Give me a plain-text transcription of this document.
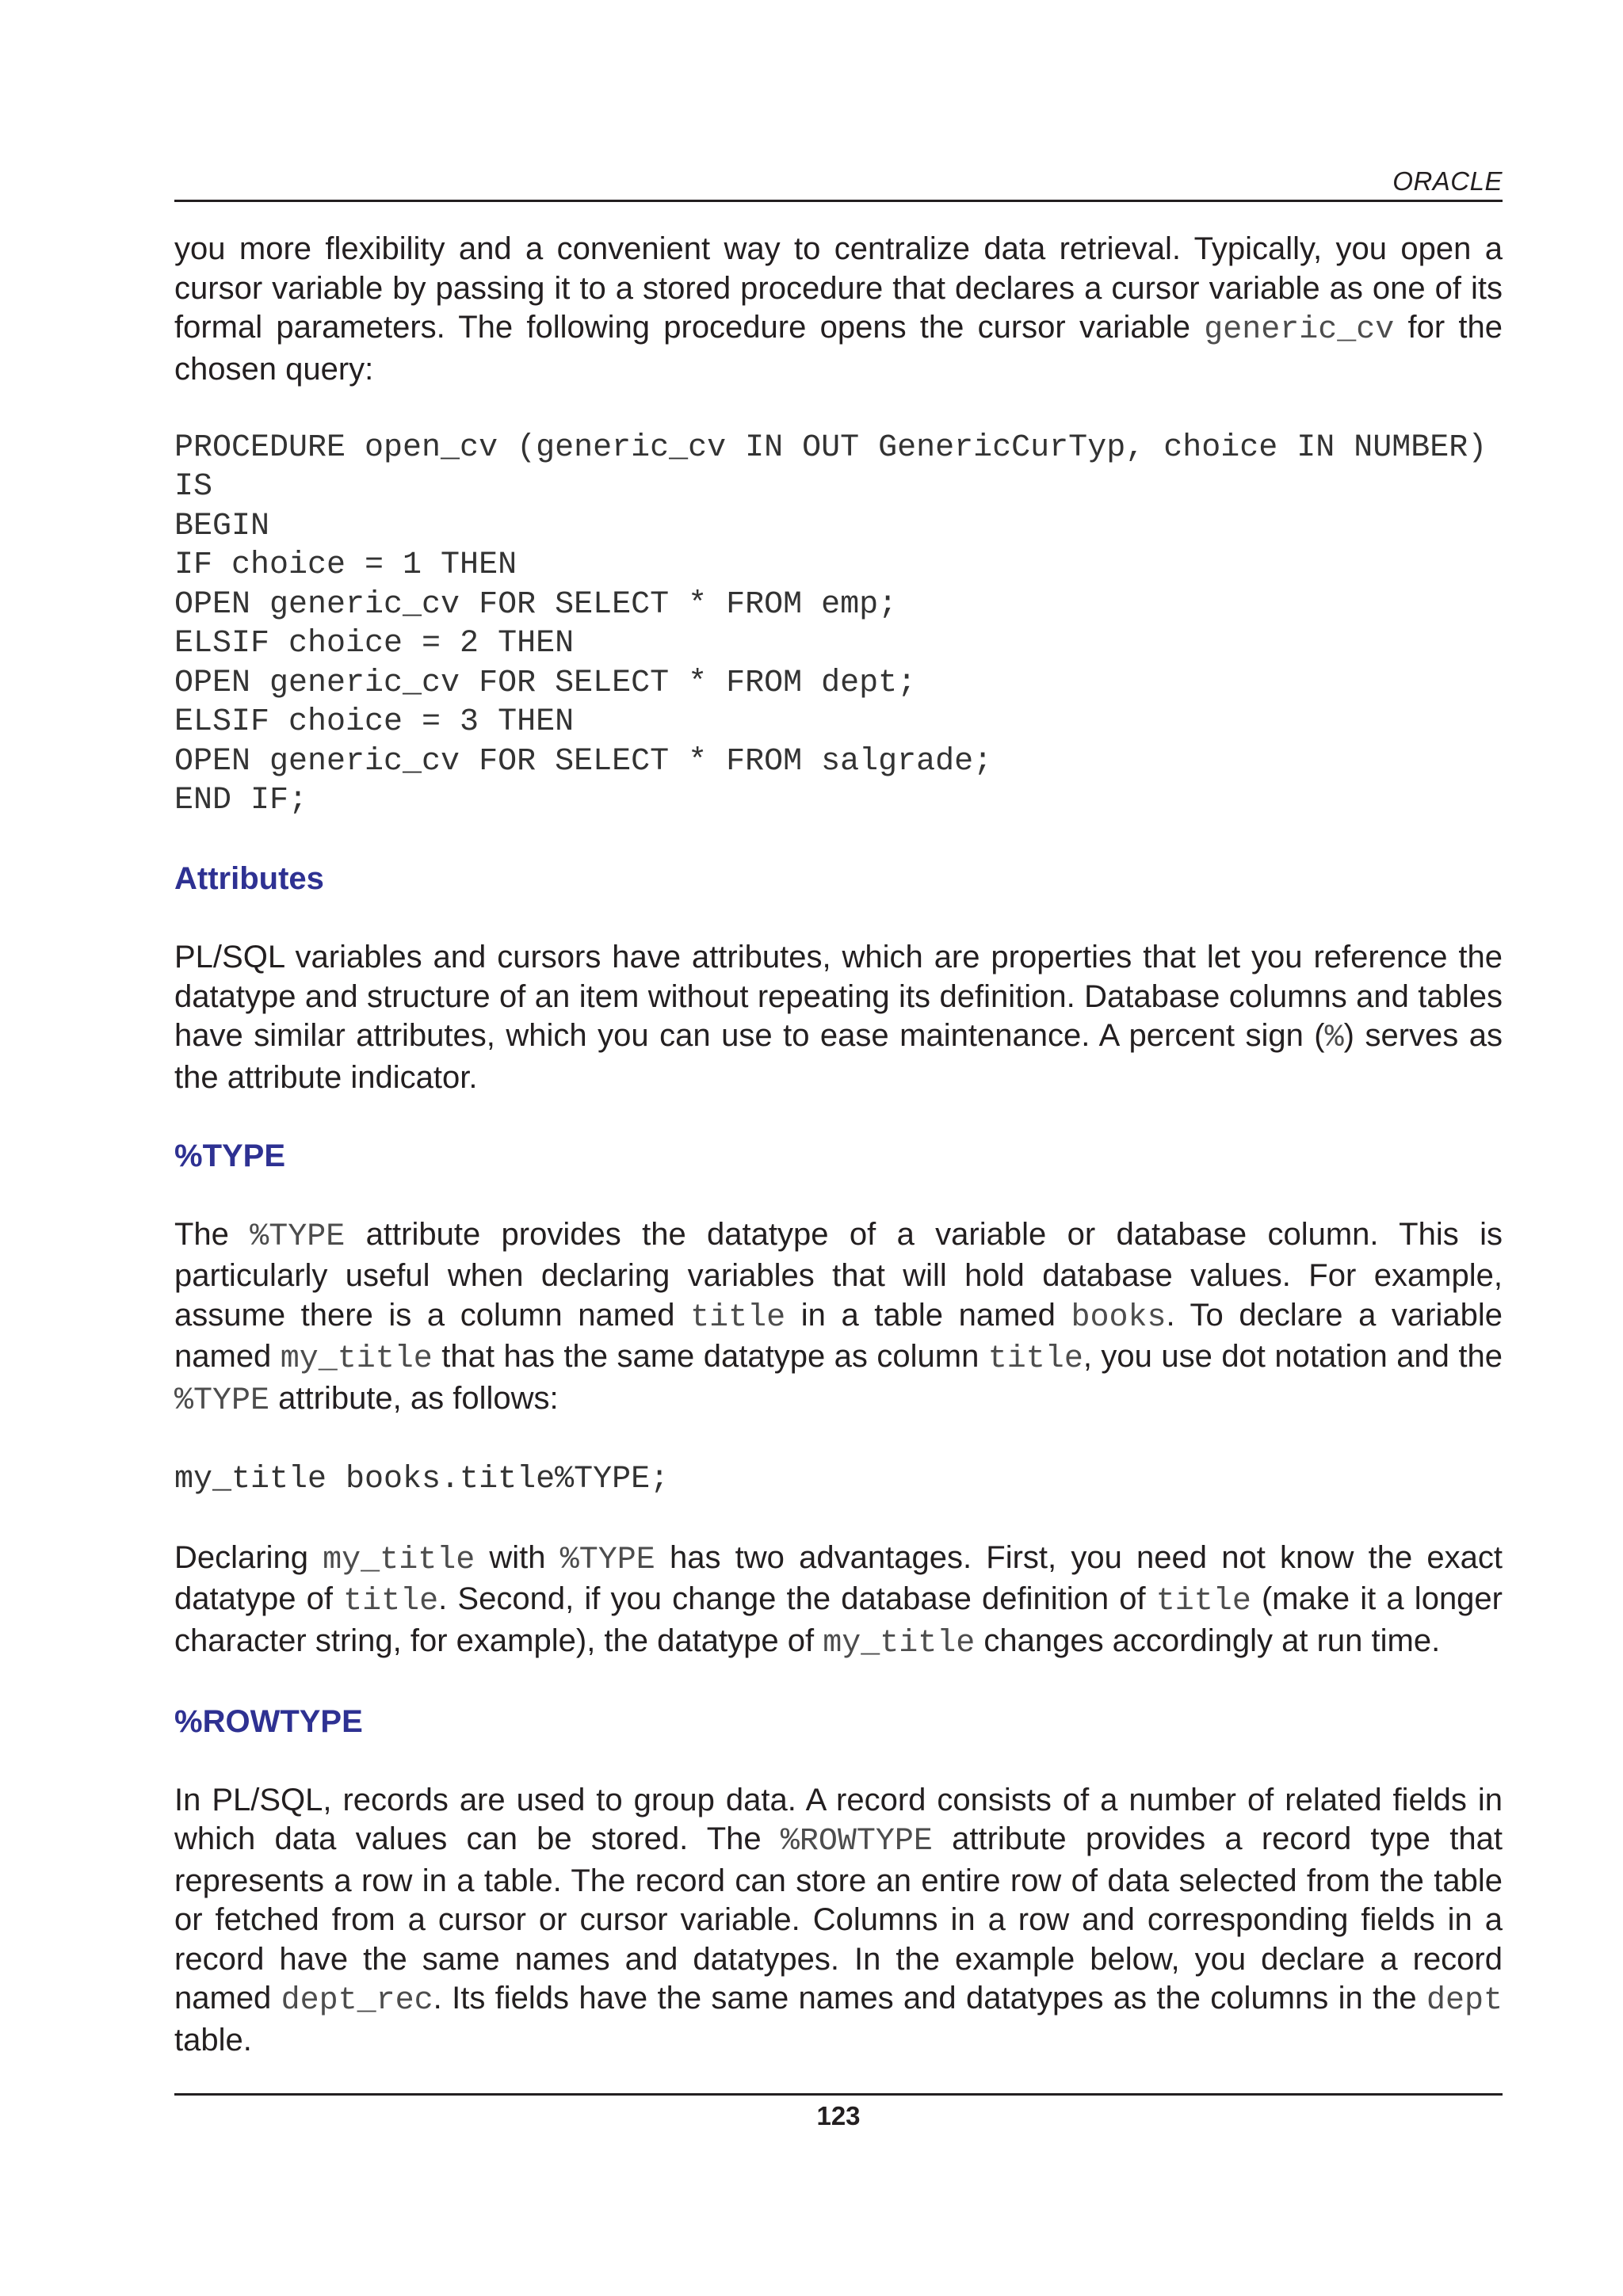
ORACLE

you more flexibility and a convenient way to centralize data retrieval. Typically, you open a cursor variable by passing it to a stored procedure that declares a cursor variable as one of its formal parameters. The following procedure opens the cursor variable generic_cv for the chosen query:

PROCEDURE open_cv (generic_cv IN OUT GenericCurTyp, choice IN NUMBER)
IS
BEGIN
IF choice = 1 THEN
OPEN generic_cv FOR SELECT * FROM emp;
ELSIF choice = 2 THEN
OPEN generic_cv FOR SELECT * FROM dept;
ELSIF choice = 3 THEN
OPEN generic_cv FOR SELECT * FROM salgrade;
END IF;
Attributes

PL/SQL variables and cursors have attributes, which are properties that let you reference the datatype and structure of an item without repeating its definition. Database columns and tables have similar attributes, which you can use to ease maintenance. A percent sign (%) serves as the attribute indicator.

%TYPE

The %TYPE attribute provides the datatype of a variable or database column. This is particularly useful when declaring variables that will hold database values. For example, assume there is a column named title in a table named books. To declare a variable named my_title that has the same datatype as column title, you use dot notation and the %TYPE attribute, as follows:

my_title books.title%TYPE;

Declaring my_title with %TYPE has two advantages. First, you need not know the exact datatype of title. Second, if you change the database definition of title (make it a longer character string, for example), the datatype of my_title changes accordingly at run time.

%ROWTYPE

In PL/SQL, records are used to group data. A record consists of a number of related fields in which data values can be stored. The %ROWTYPE attribute provides a record type that represents a row in a table. The record can store an entire row of data selected from the table or fetched from a cursor or cursor variable. Columns in a row and corresponding fields in a record have the same names and datatypes. In the example below, you declare a record named dept_rec. Its fields have the same names and datatypes as the columns in the dept table.

123
